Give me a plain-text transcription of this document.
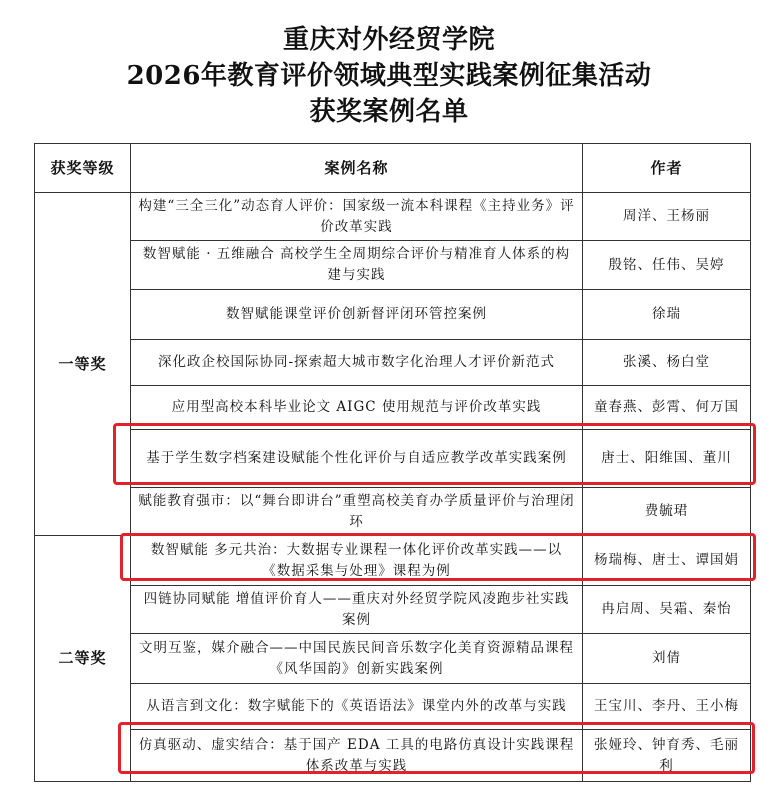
重庆对外经贸学院
2026年教育评价领域典型实践案例征集活动
获奖案例名单
获奖等级	案例名称	作者
一等奖	构建“三全三化”动态育人评价：国家级一流本科课程《主持业务》评价改革实践	周洋、王杨丽
	数智赋能 · 五维融合 高校学生全周期综合评价与精准育人体系的构建与实践	殷铭、任伟、吴婷
	数智赋能课堂评价创新督评闭环管控案例	徐瑞
	深化政企校国际协同-探索超大城市数字化治理人才评价新范式	张溪、杨白堂
	应用型高校本科毕业论文 AIGC 使用规范与评价改革实践	童春燕、彭霄、何万国
	基于学生数字档案建设赋能个性化评价与自适应教学改革实践案例	唐士、阳维国、董川
	赋能教育强市：以“舞台即讲台”重塑高校美育办学质量评价与治理闭环	费毓珺
二等奖	数智赋能 多元共治：大数据专业课程一体化评价改革实践——以《数据采集与处理》课程为例	杨瑞梅、唐士、谭国娟
	四链协同赋能 增值评价育人——重庆对外经贸学院风凌跑步社实践案例	冉启周、吴霜、秦怡
	文明互鉴，媒介融合——中国民族民间音乐数字化美育资源精品课程《风华国韵》创新实践案例	刘倩
	从语言到文化：数字赋能下的《英语语法》课堂内外的改革与实践	王宝川、李丹、王小梅
	仿真驱动、虚实结合：基于国产 EDA 工具的电路仿真设计实践课程体系改革与实践	张娅玲、钟育秀、毛丽利
